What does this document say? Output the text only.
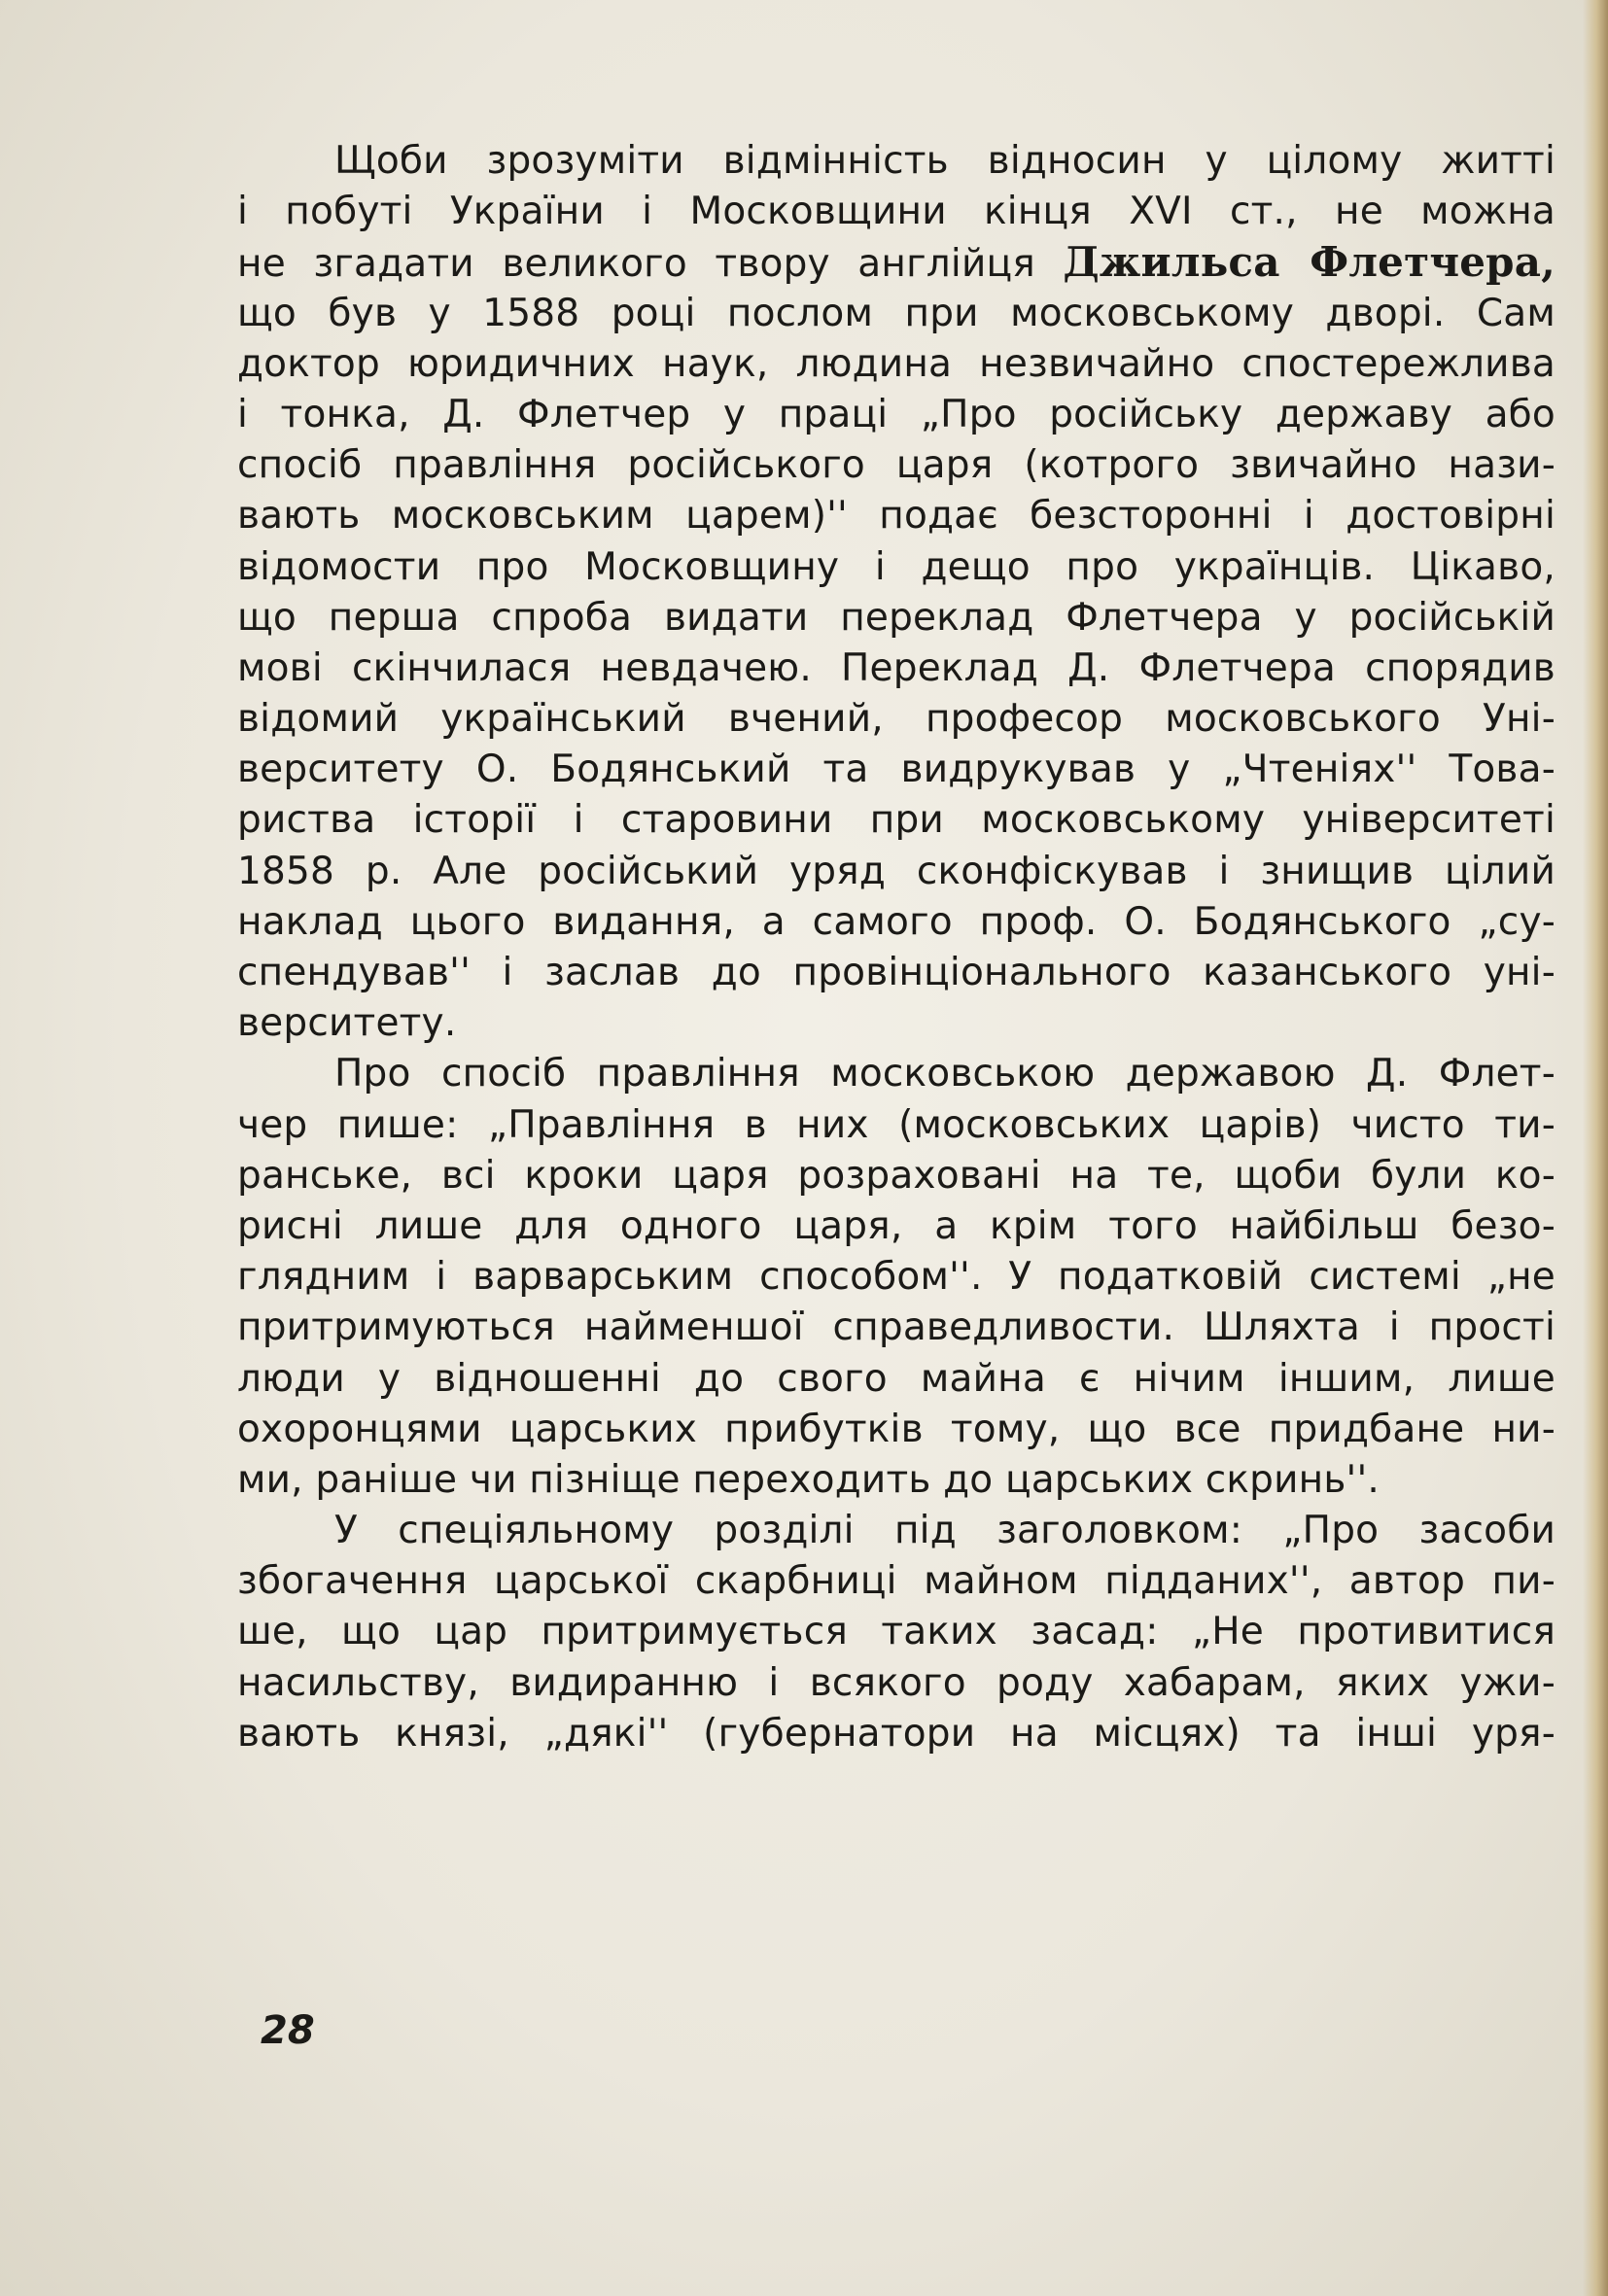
Щоби зрозуміти відмінність відносин у цілому житті
і побуті України і Московщини кінця XVI ст., не можна
не згадати великого твору англійця Джильса Флетчера,
що був у 1588 році послом при московському дворі. Сам
доктор юридичних наук, людина незвичайно спостережлива
і тонка, Д. Флетчер у праці „Про російську державу або
спосіб правління російського царя (котрого звичайно нази-
вають московським царем)'' подає безсторонні і достовірні
відомости про Московщину і дещо про українців. Цікаво,
що перша спроба видати переклад Флетчера у російській
мові скінчилася невдачею. Переклад Д. Флетчера спорядив
відомий український вчений, професор московського Уні-
верситету О. Бодянський та видрукував у „Чтеніях'' Това-
риства історії і старовини при московському університеті
1858 р. Але російський уряд сконфіскував і знищив цілий
наклад цього видання, а самого проф. О. Бодянського „су-
спендував'' і заслав до провінціонального казанського уні-
верситету.
Про спосіб правління московською державою Д. Флет-
чер пише: „Правління в них (московських царів) чисто ти-
ранське, всі кроки царя розраховані на те, щоби були ко-
рисні лише для одного царя, а крім того найбільш безо-
глядним і варварським способом''. У податковій системі „не
притримуються найменшої справедливости. Шляхта і прості
люди у відношенні до свого майна є нічим іншим, лише
охоронцями царських прибутків тому, що все придбане ни-
ми, раніше чи пізніще переходить до царських скринь''.
У спеціяльному розділі під заголовком: „Про засоби
збогачення царської скарбниці майном підданих'', автор пи-
ше, що цар притримується таких засад: „Не противитися
насильству, видиранню і всякого роду хабарам, яких ужи-
вають князі, „дякі'' (губернатори на місцях) та інші уря-
28
